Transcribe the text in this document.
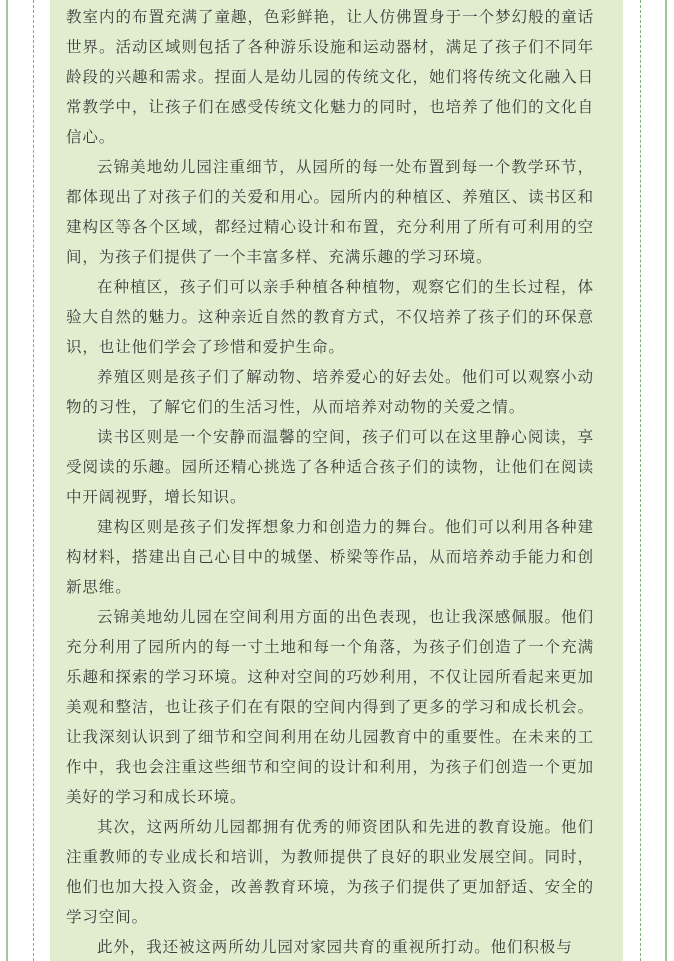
教室内的布置充满了童趣，色彩鲜艳，让人仿佛置身于一个梦幻般的童话世界。活动区域则包括了各种游乐设施和运动器材，满足了孩子们不同年龄段的兴趣和需求。捏面人是幼儿园的传统文化，她们将传统文化融入日常教学中，让孩子们在感受传统文化魅力的同时，也培养了他们的文化自信心。

云锦美地幼儿园注重细节，从园所的每一处布置到每一个教学环节，都体现出了对孩子们的关爱和用心。园所内的种植区、养殖区、读书区和建构区等各个区域，都经过精心设计和布置，充分利用了所有可利用的空间，为孩子们提供了一个丰富多样、充满乐趣的学习环境。

在种植区，孩子们可以亲手种植各种植物，观察它们的生长过程，体验大自然的魅力。这种亲近自然的教育方式，不仅培养了孩子们的环保意识，也让他们学会了珍惜和爱护生命。

养殖区则是孩子们了解动物、培养爱心的好去处。他们可以观察小动物的习性，了解它们的生活习性，从而培养对动物的关爱之情。

读书区则是一个安静而温馨的空间，孩子们可以在这里静心阅读，享受阅读的乐趣。园所还精心挑选了各种适合孩子们的读物，让他们在阅读中开阔视野，增长知识。

建构区则是孩子们发挥想象力和创造力的舞台。他们可以利用各种建构材料，搭建出自己心目中的城堡、桥梁等作品，从而培养动手能力和创新思维。

云锦美地幼儿园在空间利用方面的出色表现，也让我深感佩服。他们充分利用了园所内的每一寸土地和每一个角落，为孩子们创造了一个充满乐趣和探索的学习环境。这种对空间的巧妙利用，不仅让园所看起来更加美观和整洁，也让孩子们在有限的空间内得到了更多的学习和成长机会。让我深刻认识到了细节和空间利用在幼儿园教育中的重要性。在未来的工作中，我也会注重这些细节和空间的设计和利用，为孩子们创造一个更加美好的学习和成长环境。

其次，这两所幼儿园都拥有优秀的师资团队和先进的教育设施。他们注重教师的专业成长和培训，为教师提供了良好的职业发展空间。同时，他们也加大投入资金，改善教育环境，为孩子们提供了更加舒适、安全的学习空间。

此外，我还被这两所幼儿园对家园共育的重视所打动。他们积极与
